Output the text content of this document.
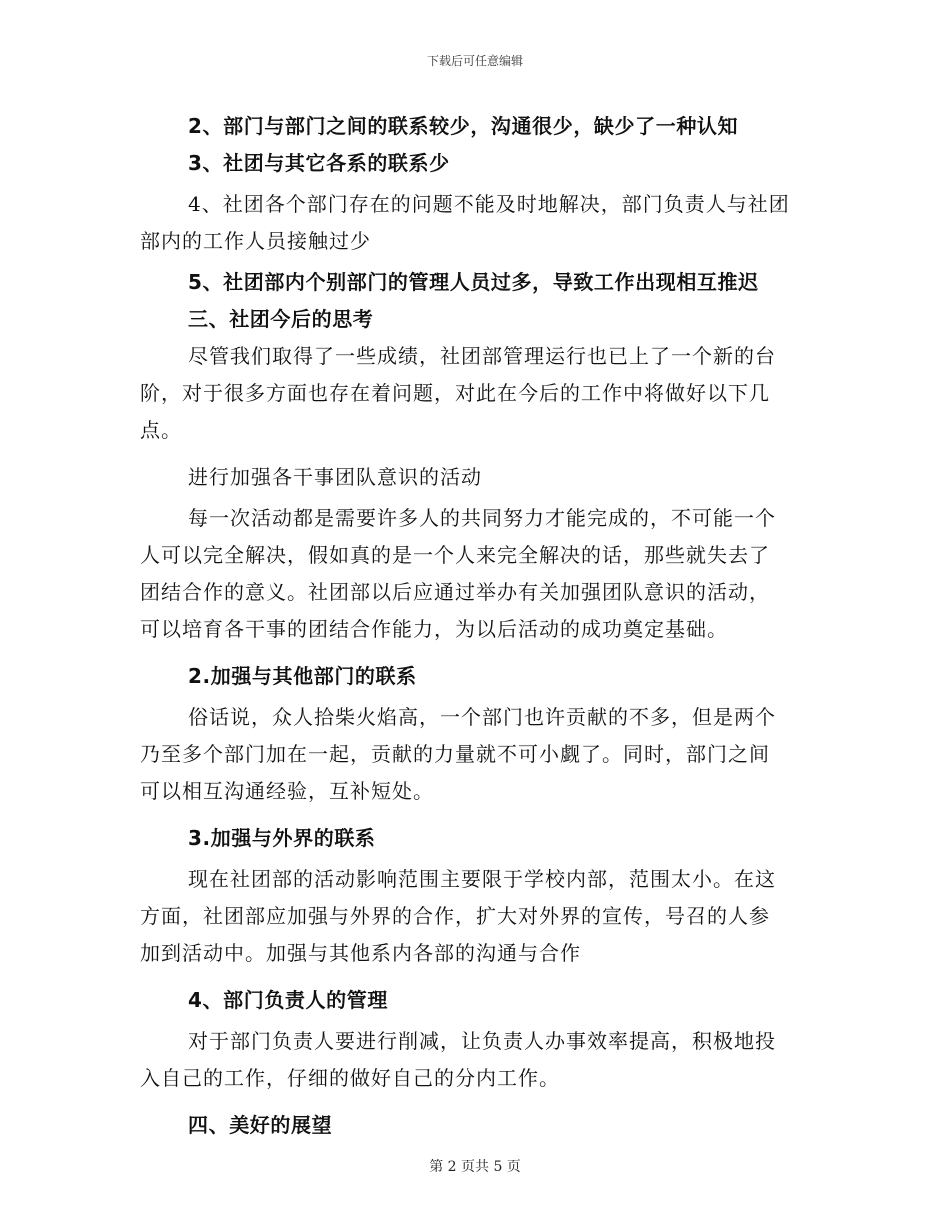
下载后可任意编辑
2、部门与部门之间的联系较少，沟通很少，缺少了一种认知
3、社团与其它各系的联系少
4、社团各个部门存在的问题不能及时地解决，部门负责人与社团
部内的工作人员接触过少
5、社团部内个别部门的管理人员过多，导致工作出现相互推迟
三、社团今后的思考
尽管我们取得了一些成绩，社团部管理运行也已上了一个新的台
阶，对于很多方面也存在着问题，对此在今后的工作中将做好以下几
点。
进行加强各干事团队意识的活动
每一次活动都是需要许多人的共同努力才能完成的，不可能一个
人可以完全解决，假如真的是一个人来完全解决的话，那些就失去了
团结合作的意义。社团部以后应通过举办有关加强团队意识的活动，
可以培育各干事的团结合作能力，为以后活动的成功奠定基础。
2.加强与其他部门的联系
俗话说，众人拾柴火焰高，一个部门也许贡献的不多，但是两个
乃至多个部门加在一起，贡献的力量就不可小觑了。同时，部门之间
可以相互沟通经验，互补短处。
3.加强与外界的联系
现在社团部的活动影响范围主要限于学校内部，范围太小。在这
方面，社团部应加强与外界的合作，扩大对外界的宣传，号召的人参
加到活动中。加强与其他系内各部的沟通与合作
4、部门负责人的管理
对于部门负责人要进行削减，让负责人办事效率提高，积极地投
入自己的工作，仔细的做好自己的分内工作。
四、美好的展望
第 2 页共 5 页
